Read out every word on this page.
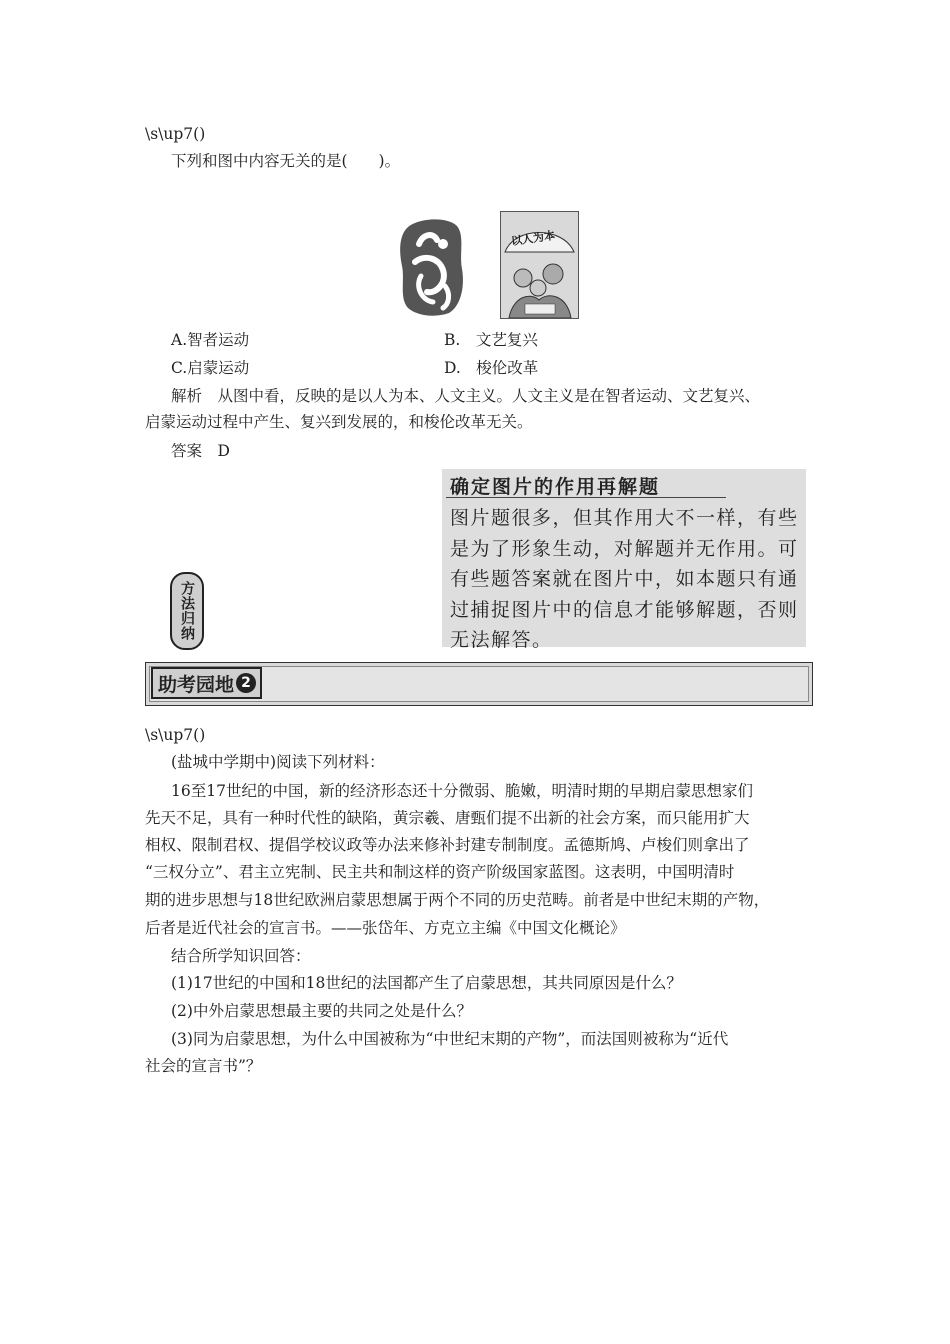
\s\up7()
下列和图中内容无关的是(　　)。
以人为本
A.智者运动	B.　文艺复兴
C.启蒙运动	D.　梭伦改革
解析　从图中看，反映的是以人为本、人文主义。人文主义是在智者运动、文艺复兴、
启蒙运动过程中产生、复兴到发展的，和梭伦改革无关。
答案　D
方法归纳
确定图片的作用再解题
图片题很多，但其作用大不一样，有些是为了形象生动，对解题并无作用。可有些题答案就在图片中，如本题只有通过捕捉图片中的信息才能够解题，否则无法解答。
助考园地 2
\s\up7()
(盐城中学期中)阅读下列材料：
16至17世纪的中国，新的经济形态还十分微弱、脆嫩，明清时期的早期启蒙思想家们
先天不足，具有一种时代性的缺陷，黄宗羲、唐甄们提不出新的社会方案，而只能用扩大
相权、限制君权、提倡学校议政等办法来修补封建专制制度。孟德斯鸠、卢梭们则拿出了
“三权分立”、君主立宪制、民主共和制这样的资产阶级国家蓝图。这表明，中国明清时
期的进步思想与18世纪欧洲启蒙思想属于两个不同的历史范畴。前者是中世纪末期的产物，
后者是近代社会的宣言书。——张岱年、方克立主编《中国文化概论》
结合所学知识回答：
(1)17世纪的中国和18世纪的法国都产生了启蒙思想，其共同原因是什么？
(2)中外启蒙思想最主要的共同之处是什么？
(3)同为启蒙思想，为什么中国被称为“中世纪末期的产物”，而法国则被称为“近代
社会的宣言书”？
